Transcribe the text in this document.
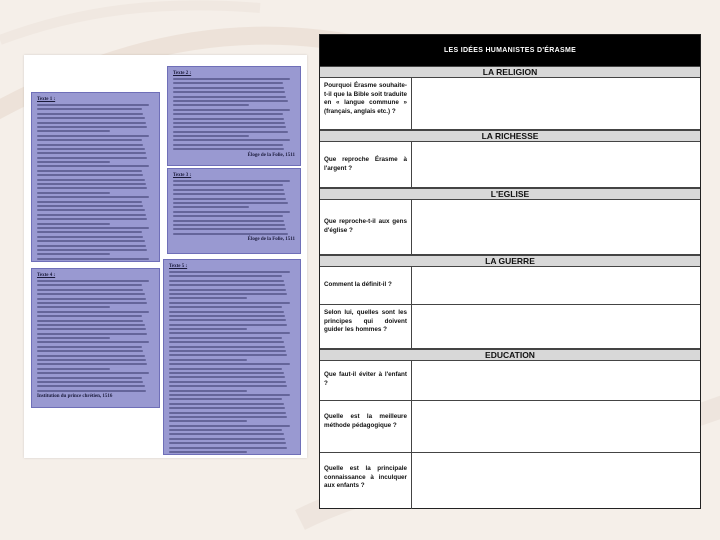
Texte 1 :
Texte 2 :
Éloge de la Folie, 1511
Texte 3 :
Éloge de la Folie, 1511
Texte 4 :
Institution du prince chrétien, 1516
Texte 5 :
LES IDÉES HUMANISTES D'ÉRASME
LA RELIGION
Pourquoi Érasme souhaite-t-il que la Bible soit traduite en « langue commune » (français, anglais etc.) ?
LA RICHESSE
Que reproche Érasme à l'argent ?
L'EGLISE
Que reproche-t-il aux gens d'église ?
LA GUERRE
Comment la définit-il ?
Selon lui, quelles sont les principes qui doivent guider les hommes ?
EDUCATION
Que faut-il éviter à l'enfant ?
Quelle est la meilleure méthode pédagogique ?
Quelle est la principale connaissance à inculquer aux enfants ?
